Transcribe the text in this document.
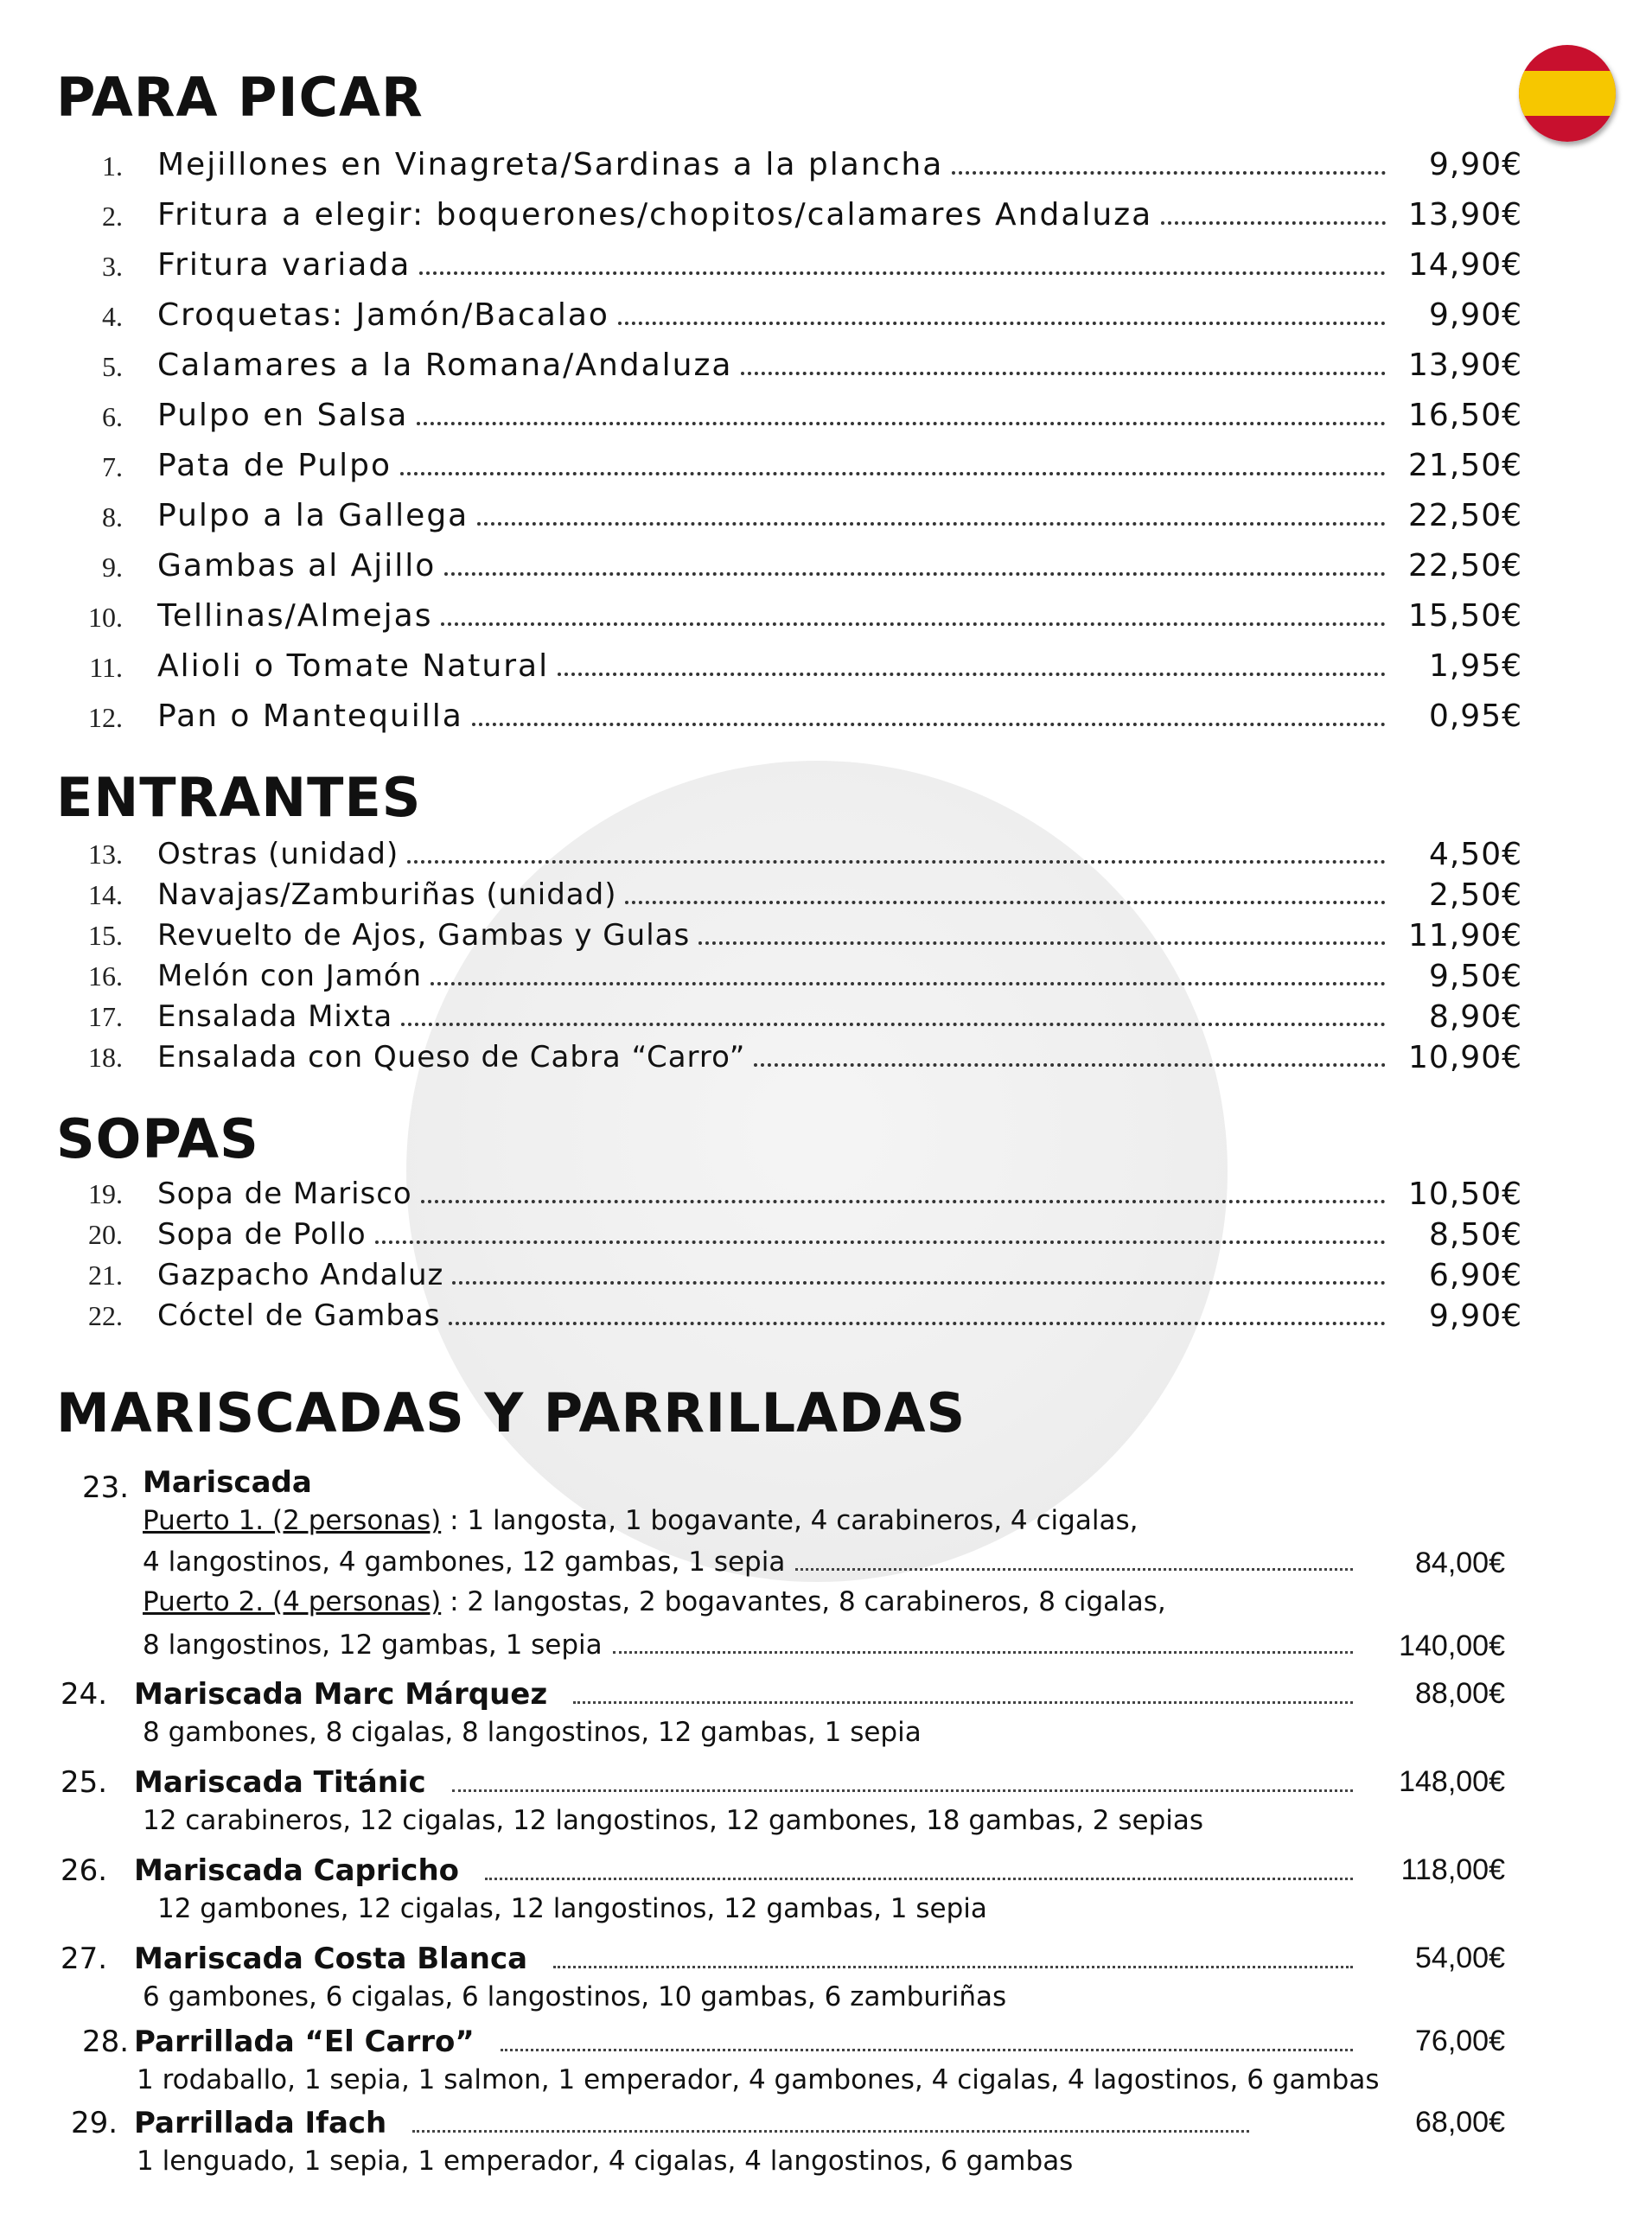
PARA PICAR
1. Mejillones en Vinagreta/Sardinas a la plancha	9,90€
2. Fritura a elegir: boquerones/chopitos/calamares Andaluza	13,90€
3. Fritura variada	14,90€
4. Croquetas: Jamón/Bacalao	9,90€
5. Calamares a la Romana/Andaluza	13,90€
6. Pulpo en Salsa	16,50€
7. Pata de Pulpo	21,50€
8. Pulpo a la Gallega	22,50€
9. Gambas al Ajillo	22,50€
10. Tellinas/Almejas	15,50€
11. Alioli o Tomate Natural	1,95€
12. Pan o Mantequilla	0,95€
ENTRANTES
13. Ostras (unidad)	4,50€
14. Navajas/Zamburiñas (unidad)	2,50€
15. Revuelto de Ajos, Gambas y Gulas	11,90€
16. Melón con Jamón	9,50€
17. Ensalada Mixta	8,90€
18. Ensalada con Queso de Cabra “Carro”	10,90€
SOPAS
19. Sopa de Marisco	10,50€
20. Sopa de Pollo	8,50€
21. Gazpacho Andaluz	6,90€
22. Cóctel de Gambas	9,90€
MARISCADAS Y PARRILLADAS
23. Mariscada
Puerto 1. (2 personas) : 1 langosta, 1 bogavante, 4 carabineros, 4 cigalas,
4 langostinos, 4 gambones, 12 gambas, 1 sepia	84,00€
Puerto 2. (4 personas) : 2 langostas, 2 bogavantes, 8 carabineros, 8 cigalas,
8 langostinos, 12 gambas, 1 sepia	140,00€
24. Mariscada Marc Márquez	88,00€
8 gambones, 8 cigalas, 8 langostinos, 12 gambas, 1 sepia
25. Mariscada Titánic	148,00€
12 carabineros, 12 cigalas, 12 langostinos, 12 gambones, 18 gambas, 2 sepias
26. Mariscada Capricho	118,00€
12 gambones, 12 cigalas, 12 langostinos, 12 gambas, 1 sepia
27. Mariscada Costa Blanca	54,00€
6 gambones, 6 cigalas, 6 langostinos, 10 gambas, 6 zamburiñas
28. Parrillada “El Carro”	76,00€
1 rodaballo, 1 sepia, 1 salmon, 1 emperador, 4 gambones, 4 cigalas, 4 lagostinos, 6 gambas
29. Parrillada Ifach	68,00€
1 lenguado, 1 sepia, 1 emperador, 4 cigalas, 4 langostinos, 6 gambas
